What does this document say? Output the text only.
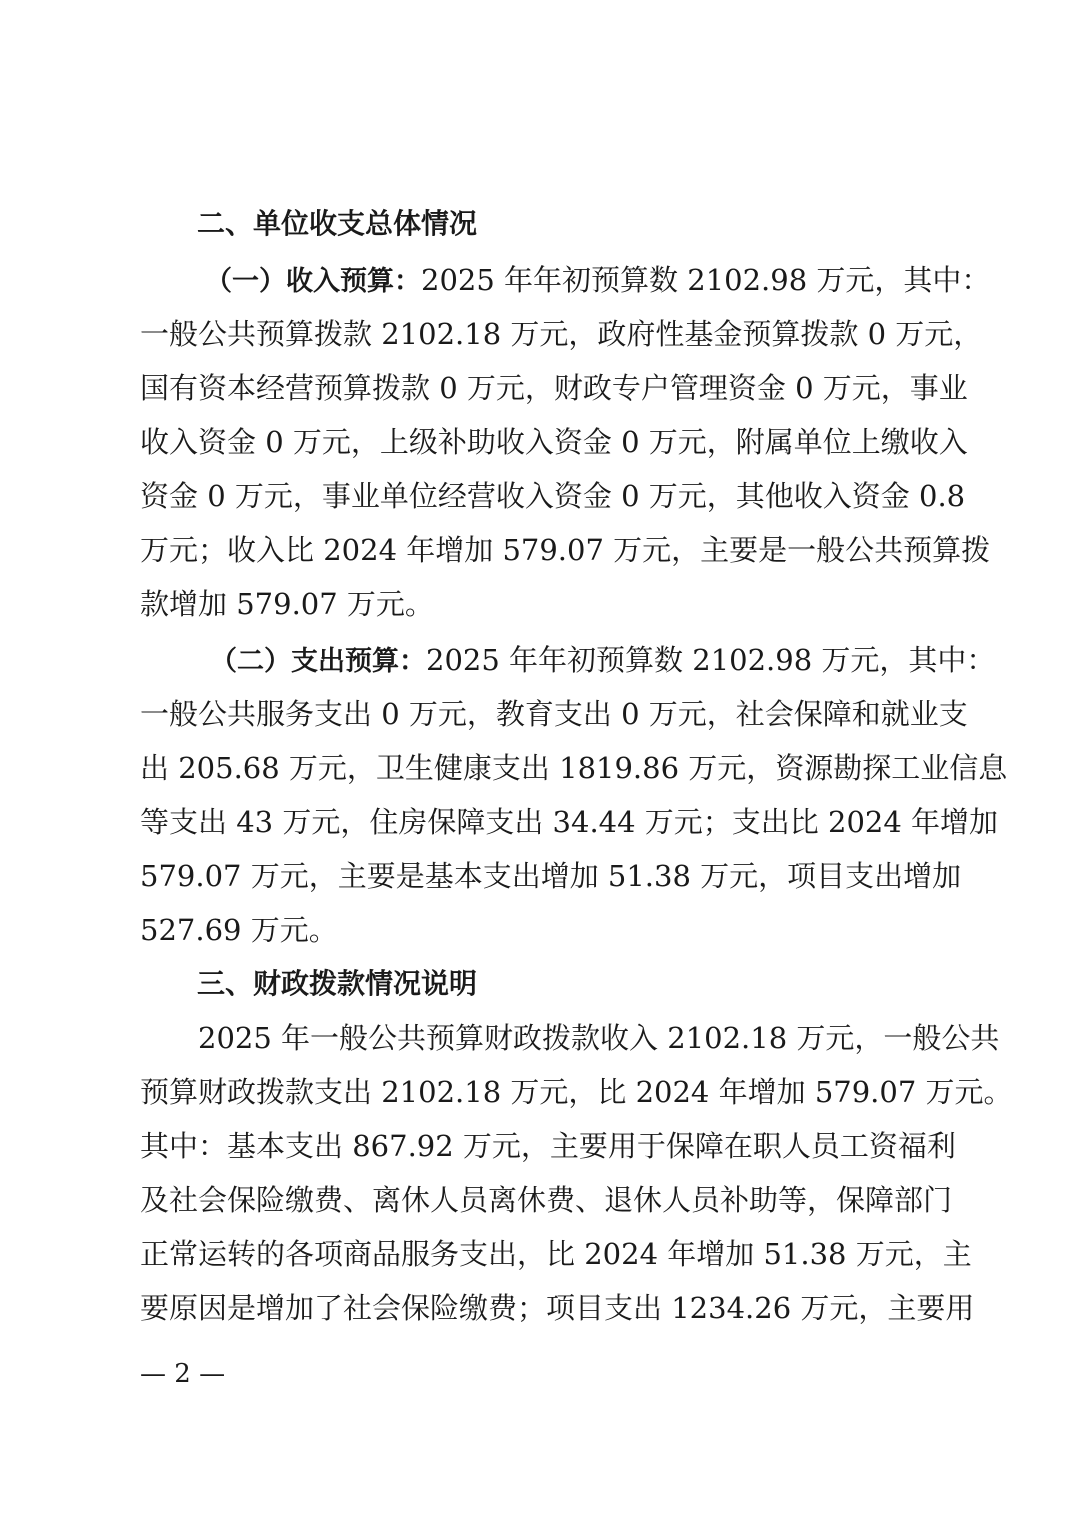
二、单位收支总体情况
（一）收入预算：2025 年年初预算数 2102.98 万元，其中：
一般公共预算拨款 2102.18 万元，政府性基金预算拨款 0 万元，
国有资本经营预算拨款 0 万元，财政专户管理资金 0 万元，事业
收入资金 0 万元，上级补助收入资金 0 万元，附属单位上缴收入
资金 0 万元，事业单位经营收入资金 0 万元，其他收入资金 0.8
万元；收入比 2024 年增加 579.07 万元，主要是一般公共预算拨
款增加 579.07 万元。
（二）支出预算：2025 年年初预算数 2102.98 万元，其中：
一般公共服务支出 0 万元，教育支出 0 万元，社会保障和就业支
出 205.68 万元，卫生健康支出 1819.86 万元，资源勘探工业信息
等支出 43 万元，住房保障支出 34.44 万元；支出比 2024 年增加
579.07 万元，主要是基本支出增加 51.38 万元，项目支出增加
527.69 万元。
三、财政拨款情况说明
2025 年一般公共预算财政拨款收入 2102.18 万元，一般公共
预算财政拨款支出 2102.18 万元，比 2024 年增加 579.07 万元。
其中：基本支出 867.92 万元，主要用于保障在职人员工资福利
及社会保险缴费、离休人员离休费、退休人员补助等，保障部门
正常运转的各项商品服务支出，比 2024 年增加 51.38 万元，主
要原因是增加了社会保险缴费；项目支出 1234.26 万元，主要用
— 2 —
